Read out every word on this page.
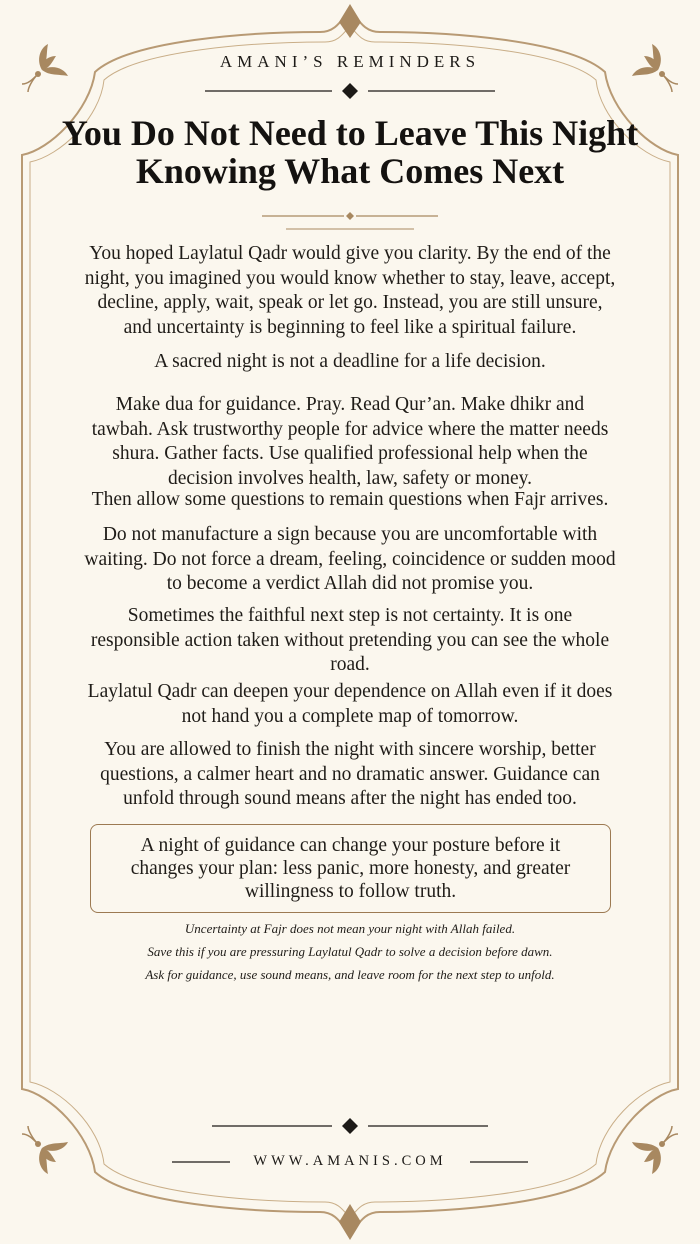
AMANI’S REMINDERS
You Do Not Need to Leave This Night Knowing What Comes Next

You hoped Laylatul Qadr would give you clarity. By the end of the night, you imagined you would know whether to stay, leave, accept, decline, apply, wait, speak or let go. Instead, you are still unsure, and uncertainty is beginning to feel like a spiritual failure.

A sacred night is not a deadline for a life decision.

Make dua for guidance. Pray. Read Qur’an. Make dhikr and tawbah. Ask trustworthy people for advice where the matter needs shura. Gather facts. Use qualified professional help when the decision involves health, law, safety or money.

Then allow some questions to remain questions when Fajr arrives.

Do not manufacture a sign because you are uncomfortable with waiting. Do not force a dream, feeling, coincidence or sudden mood to become a verdict Allah did not promise you.

Sometimes the faithful next step is not certainty. It is one responsible action taken without pretending you can see the whole road.

Laylatul Qadr can deepen your dependence on Allah even if it does not hand you a complete map of tomorrow.

You are allowed to finish the night with sincere worship, better questions, a calmer heart and no dramatic answer. Guidance can unfold through sound means after the night has ended too.

A night of guidance can change your posture before it changes your plan: less panic, more honesty, and greater willingness to follow truth.

Uncertainty at Fajr does not mean your night with Allah failed.

Save this if you are pressuring Laylatul Qadr to solve a decision before dawn.

Ask for guidance, use sound means, and leave room for the next step to unfold.

WWW.AMANIS.COM
